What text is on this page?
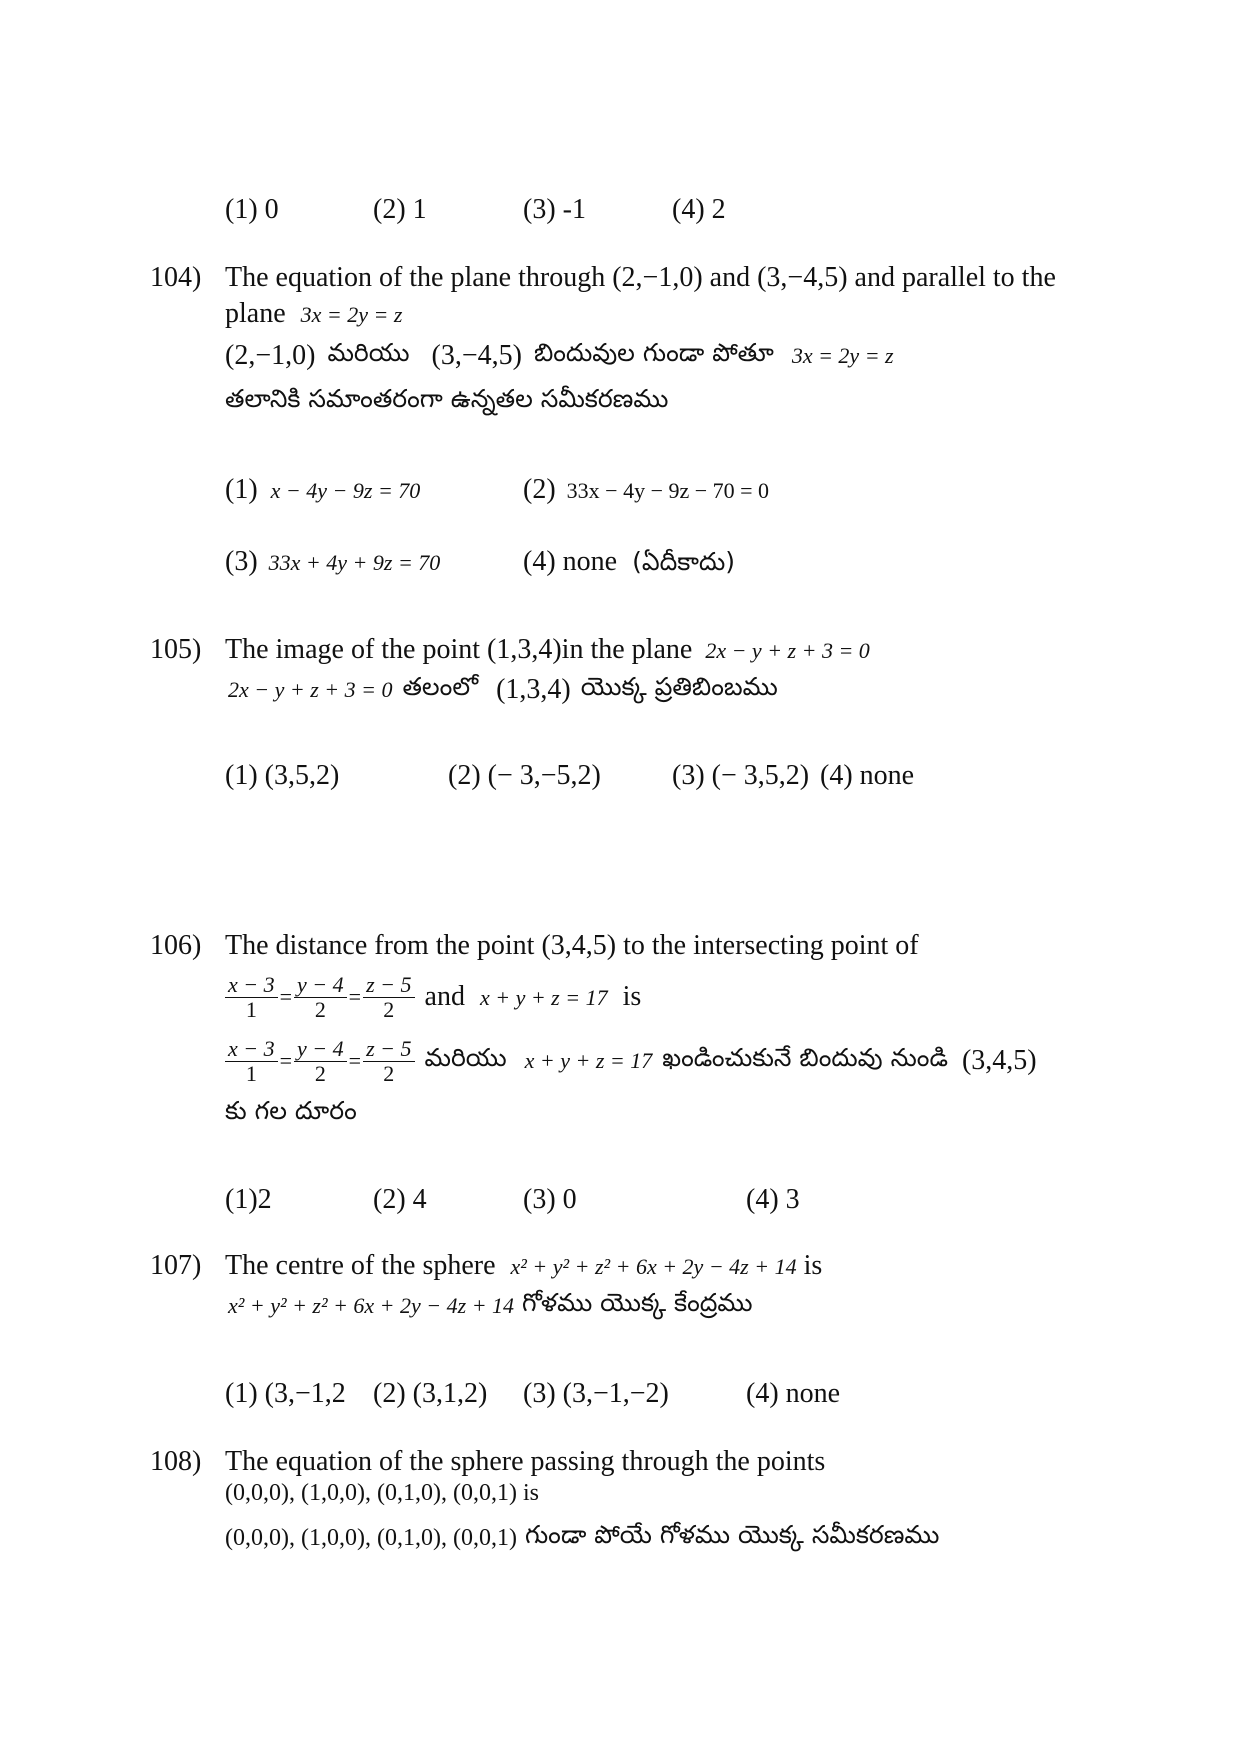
(1) 0	(2) 1	(3) -1	(4) 2
104) The equation of the plane through (2,−1,0) and (3,−4,5) and parallel to the
plane 3x = 2y = z
(2,−1,0) మరియు (3,−4,5) బిందువుల గుండా పోతూ 3x = 2y = z
తలానికి సమాంతరంగా ఉన్నతల సమీకరణము
(1) x − 4y − 9z = 70	(2) 33x − 4y − 9z − 70 = 0
(3) 33x + 4y + 9z = 70	(4) none (ఏదీకాదు)
105) The image of the point (1,3,4)in the plane 2x − y + z + 3 = 0
2x − y + z + 3 = 0 తలంలో (1,3,4) యొక్క ప్రతిబింబము
(1) (3,5,2)	(2) (− 3,−5,2)	(3) (− 3,5,2) (4) none
106) The distance from the point (3,4,5) to the intersecting point of
$\frac{x - 3}{1} = \frac{y - 4}{2} = \frac{z - 5}{2}$ and x + y + z = 17 is
$\frac{x - 3}{1} = \frac{y - 4}{2} = \frac{z - 5}{2}$ మరియు x + y + z = 17 ఖండించుకునే బిందువు నుండి (3,4,5)
కు గల దూరం
(1)2	(2) 4	(3) 0	(4) 3
107) The centre of the sphere x² + y² + z² + 6x + 2y − 4z + 14 is
x² + y² + z² + 6x + 2y − 4z + 14 గోళము యొక్క కేంద్రము
(1) (3,−1,2 (2) (3,1,2) (3) (3,−1,−2)	(4) none
108) The equation of the sphere passing through the points
(0,0,0), (1,0,0), (0,1,0), (0,0,1) is
(0,0,0), (1,0,0), (0,1,0), (0,0,1) గుండా పోయే గోళము యొక్క సమీకరణము
